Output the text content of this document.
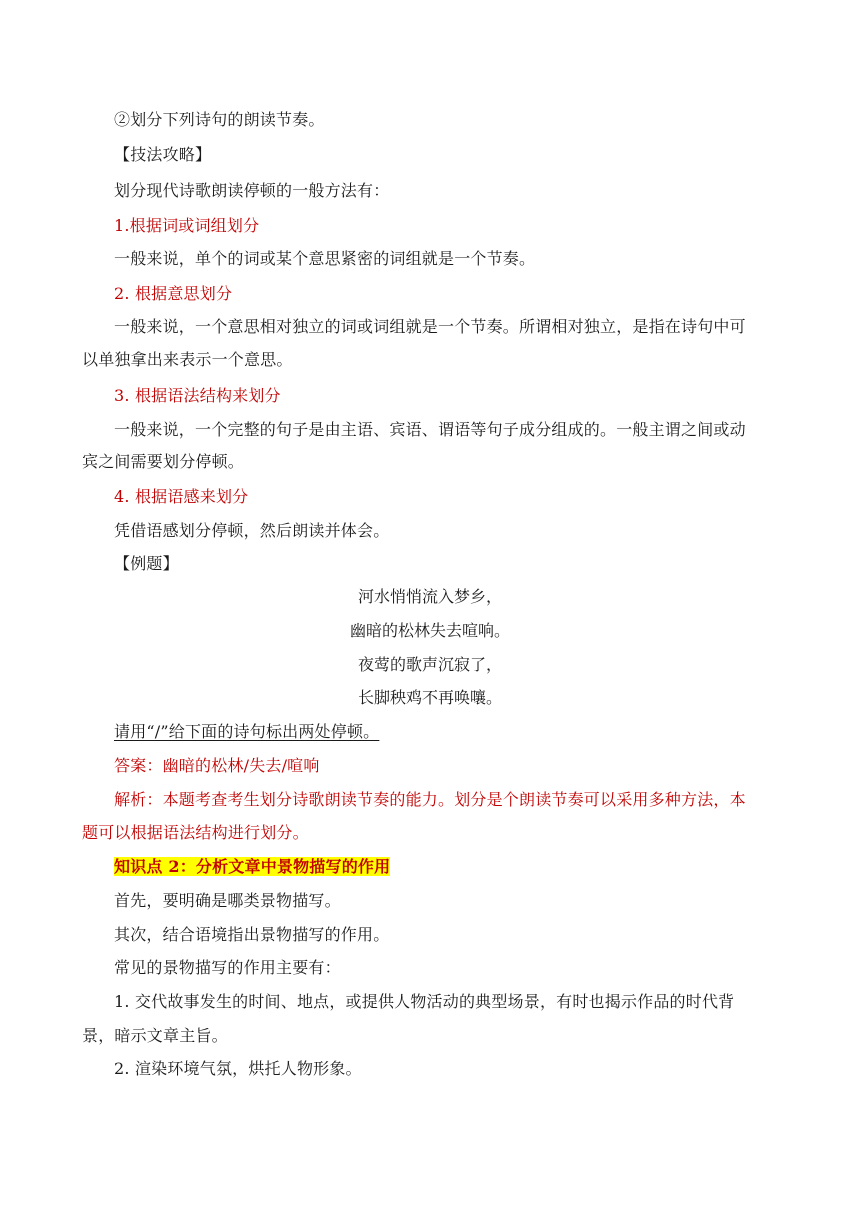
②划分下列诗句的朗读节奏。
【技法攻略】
划分现代诗歌朗读停顿的一般方法有：
1.根据词或词组划分
一般来说，单个的词或某个意思紧密的词组就是一个节奏。
2. 根据意思划分
一般来说，一个意思相对独立的词或词组就是一个节奏。所谓相对独立，是指在诗句中可
以单独拿出来表示一个意思。
3. 根据语法结构来划分
一般来说，一个完整的句子是由主语、宾语、谓语等句子成分组成的。一般主谓之间或动
宾之间需要划分停顿。
4. 根据语感来划分
凭借语感划分停顿，然后朗读并体会。
【例题】
河水悄悄流入梦乡，
幽暗的松林失去喧响。
夜莺的歌声沉寂了，
长脚秧鸡不再唤嚷。
请用“/”给下面的诗句标出两处停顿。
答案：幽暗的松林/失去/喧响
解析：本题考查考生划分诗歌朗读节奏的能力。划分是个朗读节奏可以采用多种方法，本
题可以根据语法结构进行划分。
知识点 2：分析文章中景物描写的作用
首先，要明确是哪类景物描写。
其次，结合语境指出景物描写的作用。
常见的景物描写的作用主要有：
1. 交代故事发生的时间、地点，或提供人物活动的典型场景，有时也揭示作品的时代背
景，暗示文章主旨。
2. 渲染环境气氛，烘托人物形象。
